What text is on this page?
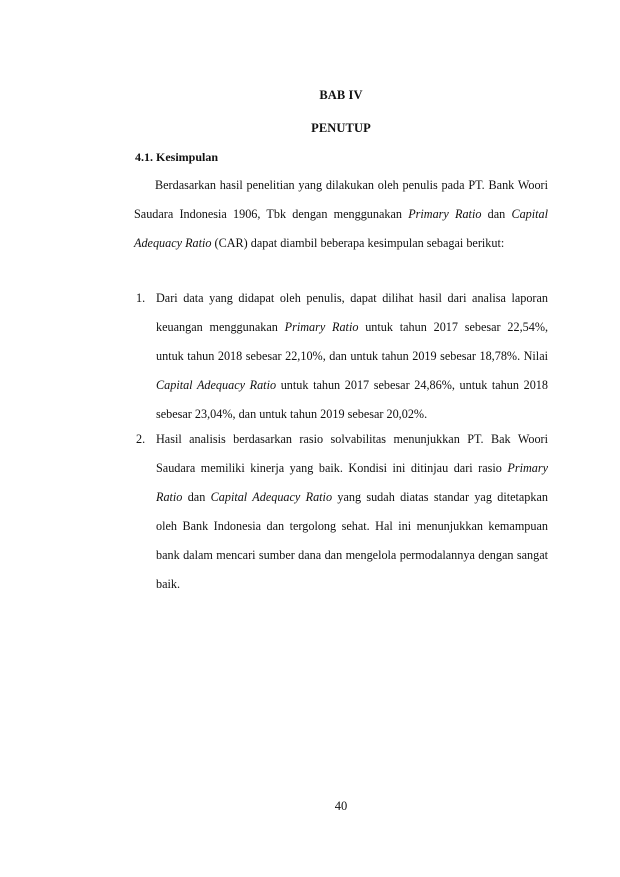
BAB IV
PENUTUP
4.1. Kesimpulan

Berdasarkan hasil penelitian yang dilakukan oleh penulis pada PT. Bank Woori Saudara Indonesia 1906, Tbk dengan menggunakan Primary Ratio dan Capital Adequacy Ratio (CAR) dapat diambil beberapa kesimpulan sebagai berikut:

1. Dari data yang didapat oleh penulis, dapat dilihat hasil dari analisa laporan keuangan menggunakan Primary Ratio untuk tahun 2017 sebesar 22,54%, untuk tahun 2018 sebesar 22,10%, dan untuk tahun 2019 sebesar 18,78%. Nilai Capital Adequacy Ratio untuk tahun 2017 sebesar 24,86%, untuk tahun 2018 sebesar 23,04%, dan untuk tahun 2019 sebesar 20,02%.
2. Hasil analisis berdasarkan rasio solvabilitas menunjukkan PT. Bak Woori Saudara memiliki kinerja yang baik. Kondisi ini ditinjau dari rasio Primary Ratio dan Capital Adequacy Ratio yang sudah diatas standar yag ditetapkan oleh Bank Indonesia dan tergolong sehat. Hal ini menunjukkan kemampuan bank dalam mencari sumber dana dan mengelola permodalannya dengan sangat baik.
40
